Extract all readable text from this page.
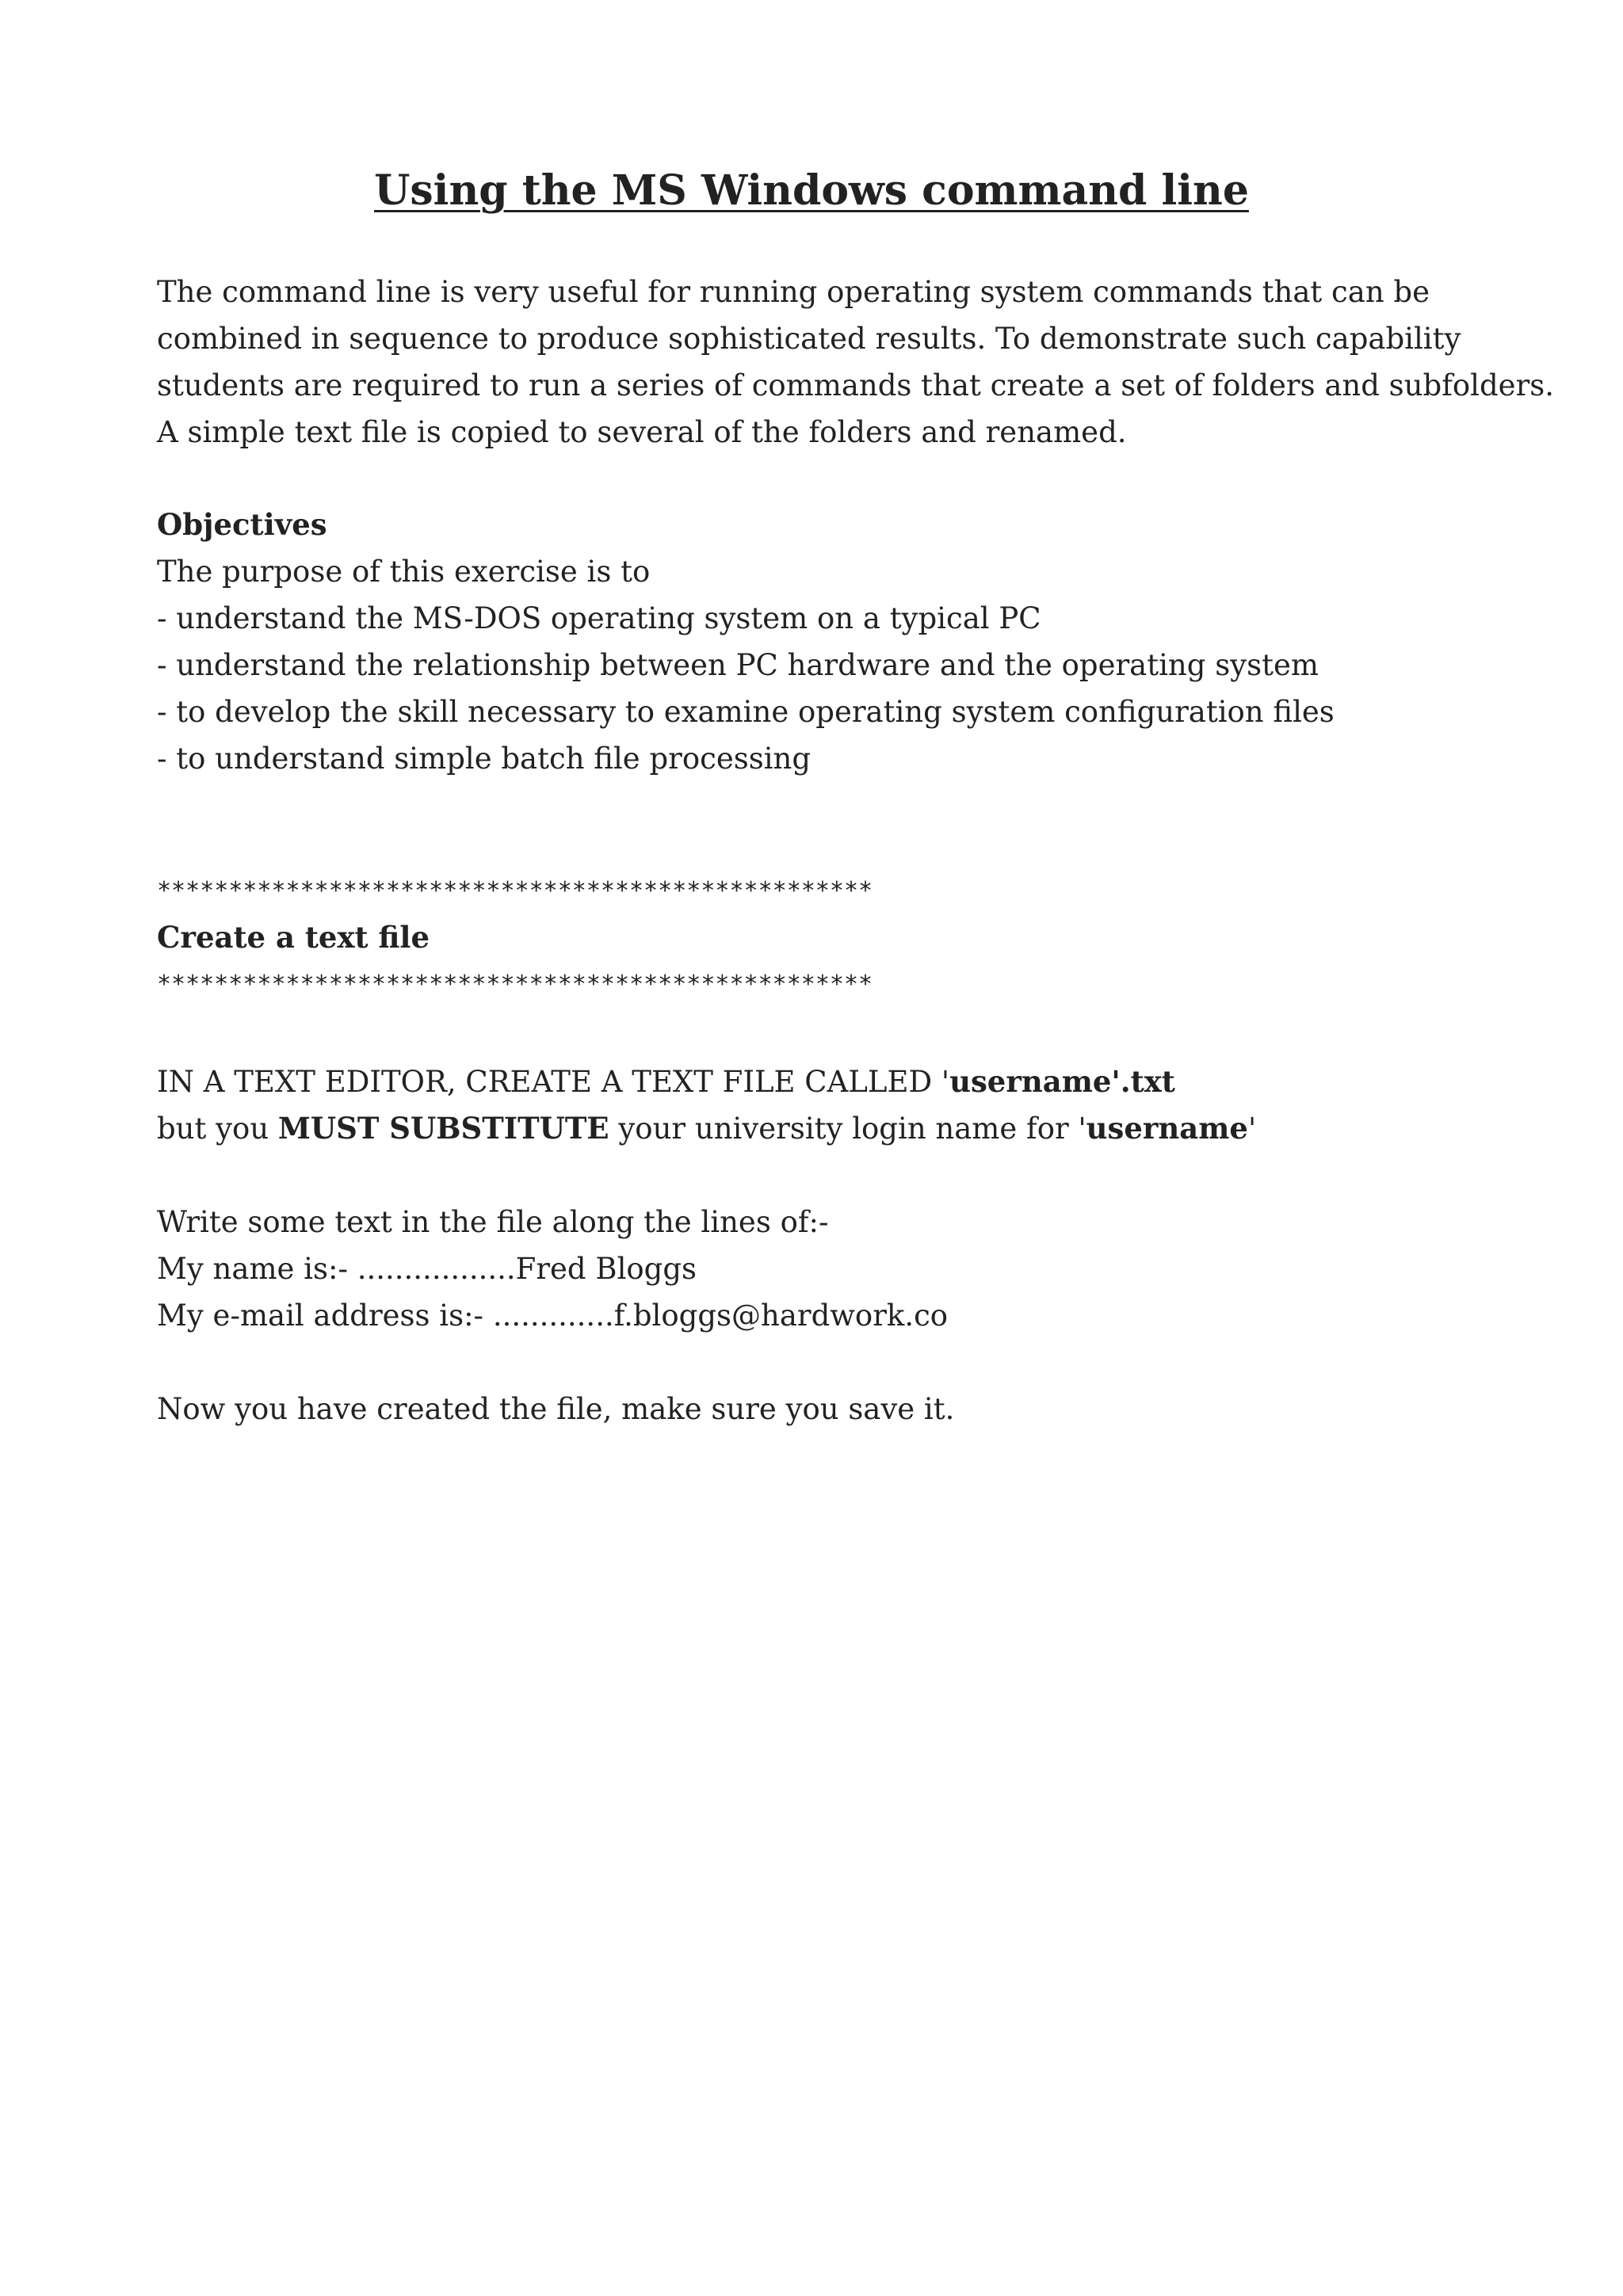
Using the MS Windows command line
The command line is very useful for running operating system commands that can be
combined in sequence to produce sophisticated results. To demonstrate such capability
students are required to run a series of commands that create a set of folders and subfolders.
A simple text file is copied to several of the folders and renamed.
Objectives
The purpose of this exercise is to
- understand the MS-DOS operating system on a typical PC
- understand the relationship between PC hardware and the operating system
- to develop the skill necessary to examine operating system configuration files
- to understand simple batch file processing
**************************************************
Create a text file
**************************************************
IN A TEXT EDITOR, CREATE A TEXT FILE CALLED 'username'.txt
but you MUST SUBSTITUTE your university login name for 'username'
Write some text in the file along the lines of:-
My name is:- .................Fred Bloggs
My e-mail address is:- .............f.bloggs@hardwork.co
Now you have created the file, make sure you save it.
